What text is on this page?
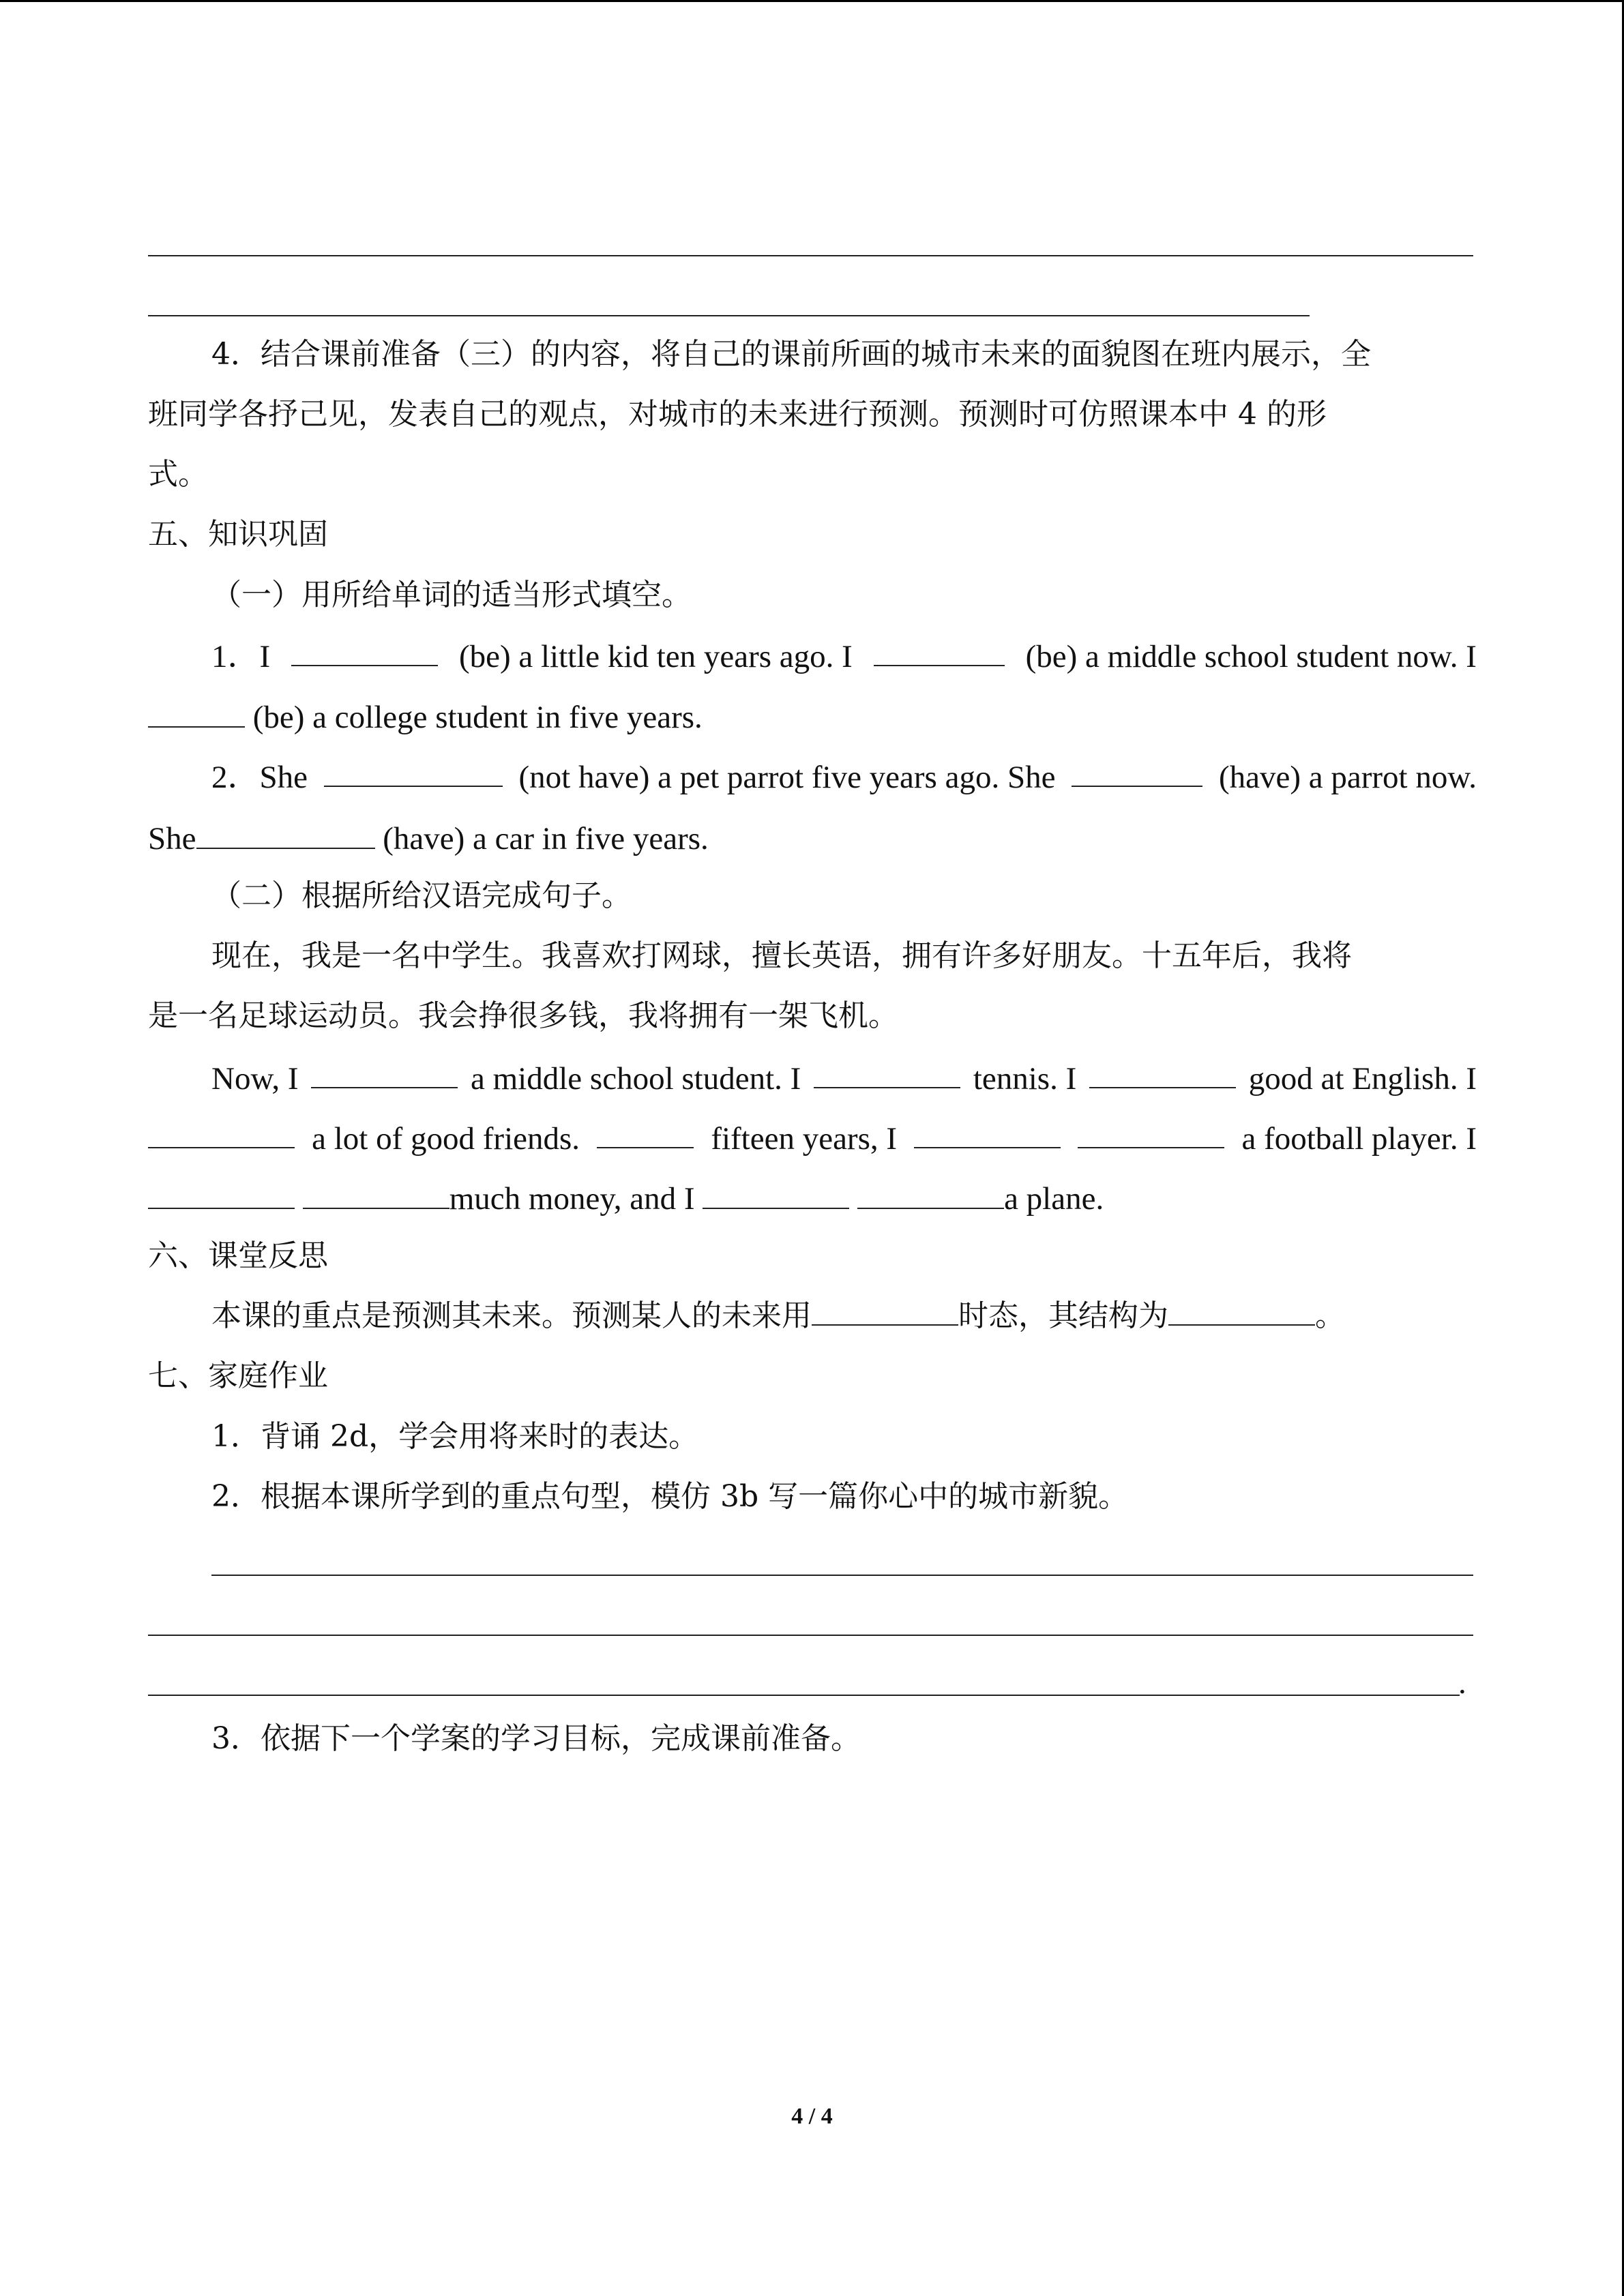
4．结合课前准备（三）的内容，将自己的课前所画的城市未来的面貌图在班内展示，全
班同学各抒己见，发表自己的观点，对城市的未来进行预测。预测时可仿照课本中 4 的形
式。
五、知识巩固
（一）用所给单词的适当形式填空。
1．I	(be) a little kid ten years ago. I	(be) a middle school student now. I
(be) a college student in five years.
2．She	(not have) a pet parrot five years ago. She	(have) a parrot now.
She	(have) a car in five years.
（二）根据所给汉语完成句子。
现在，我是一名中学生。我喜欢打网球，擅长英语，拥有许多好朋友。十五年后，我将
是一名足球运动员。我会挣很多钱，我将拥有一架飞机。
Now, I	a middle school student. I	tennis. I	good at English. I
a lot of good friends.	fifteen years, I	a football player. I
much money, and I	a plane.
六、课堂反思
本课的重点是预测其未来。预测某人的未来用	时态，其结构为	。
七、家庭作业
1．背诵 2d，学会用将来时的表达。
2．根据本课所学到的重点句型，模仿 3b 写一篇你心中的城市新貌。
.
3．依据下一个学案的学习目标，完成课前准备。
4 / 4
